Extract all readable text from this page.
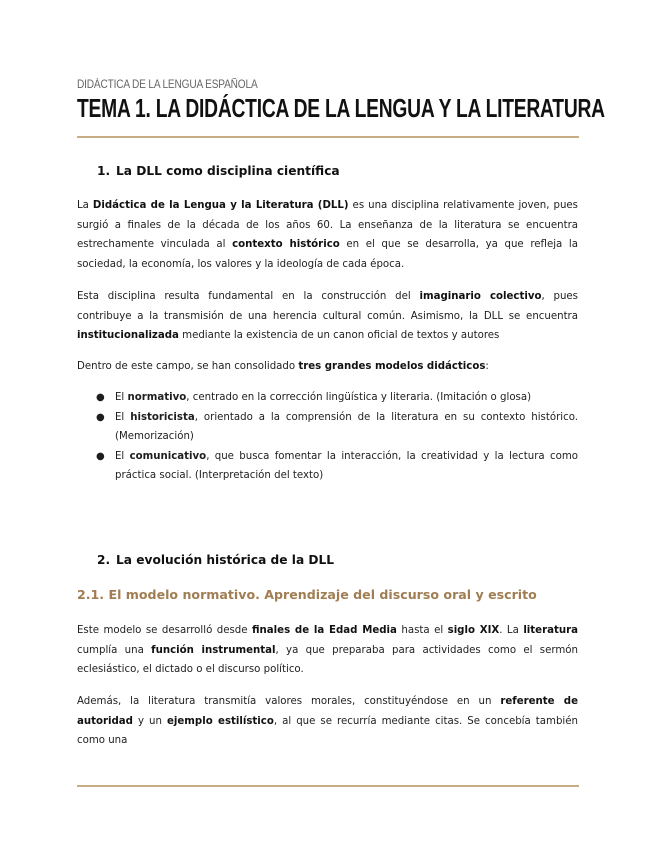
DIDÁCTICA DE LA LENGUA ESPAÑOLA
TEMA 1. LA DIDÁCTICA DE LA LENGUA Y LA LITERATURA
1. La DLL como disciplina científica
La Didáctica de la Lengua y la Literatura (DLL) es una disciplina relativamente joven, pues surgió a finales de la década de los años 60. La enseñanza de la literatura se encuentra estrechamente vinculada al contexto histórico en el que se desarrolla, ya que refleja la sociedad, la economía, los valores y la ideología de cada época.
Esta disciplina resulta fundamental en la construcción del imaginario colectivo, pues contribuye a la transmisión de una herencia cultural común. Asimismo, la DLL se encuentra institucionalizada mediante la existencia de un canon oficial de textos y autores
Dentro de este campo, se han consolidado tres grandes modelos didácticos:
● El normativo, centrado en la corrección lingüística y literaria. (Imitación o glosa)
● El historicista, orientado a la comprensión de la literatura en su contexto histórico. (Memorización)
● El comunicativo, que busca fomentar la interacción, la creatividad y la lectura como práctica social. (Interpretación del texto)
2. La evolución histórica de la DLL
2.1. El modelo normativo. Aprendizaje del discurso oral y escrito
Este modelo se desarrolló desde finales de la Edad Media hasta el siglo XIX. La literatura cumplía una función instrumental, ya que preparaba para actividades como el sermón eclesiástico, el dictado o el discurso político.
Además, la literatura transmitía valores morales, constituyéndose en un referente de autoridad y un ejemplo estilístico, al que se recurría mediante citas. Se concebía también como una
